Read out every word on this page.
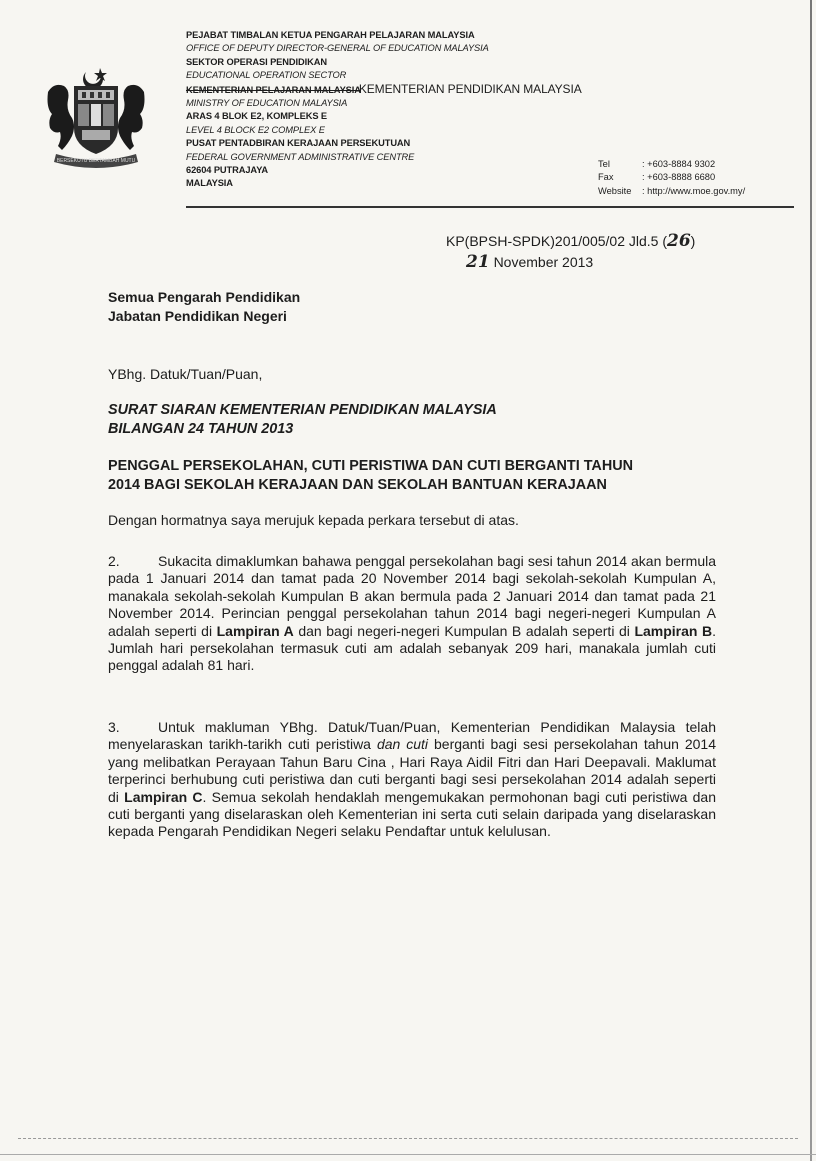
BERSEKUTU BERTAMBAH MUTU
PEJABAT TIMBALAN KETUA PENGARAH PELAJARAN MALAYSIA
OFFICE OF DEPUTY DIRECTOR-GENERAL OF EDUCATION MALAYSIA
SEKTOR OPERASI PENDIDIKAN
EDUCATIONAL OPERATION SECTOR
KEMENTERIAN PELAJARAN MALAYSIAKEMENTERIAN PENDIDIKAN MALAYSIA
MINISTRY OF EDUCATION MALAYSIA
ARAS 4 BLOK E2, KOMPLEKS E
LEVEL 4 BLOCK E2 COMPLEX E
PUSAT PENTADBIRAN KERAJAAN PERSEKUTUAN
FEDERAL GOVERNMENT ADMINISTRATIVE CENTRE
62604 PUTRAJAYA
MALAYSIA
Tel	: +603-8884 9302
Fax	: +603-8888 6680
Website	: http://www.moe.gov.my/
KP(BPSH-SPDK)201/005/02 Jld.5 (26)
21 November 2013
Semua Pengarah Pendidikan
Jabatan Pendidikan Negeri
YBhg. Datuk/Tuan/Puan,
SURAT SIARAN KEMENTERIAN PENDIDIKAN MALAYSIA
BILANGAN 24 TAHUN 2013
PENGGAL PERSEKOLAHAN, CUTI PERISTIWA DAN CUTI BERGANTI TAHUN
2014 BAGI SEKOLAH KERAJAAN DAN SEKOLAH BANTUAN KERAJAAN
Dengan hormatnya saya merujuk kepada perkara tersebut di atas.
2.	Sukacita dimaklumkan bahawa penggal persekolahan bagi sesi tahun 2014 akan bermula pada 1 Januari 2014 dan tamat pada 20 November 2014 bagi sekolah-sekolah Kumpulan A, manakala sekolah-sekolah Kumpulan B akan bermula pada 2 Januari 2014 dan tamat pada 21 November 2014. Perincian penggal persekolahan tahun 2014 bagi negeri-negeri Kumpulan A adalah seperti di Lampiran A dan bagi negeri-negeri Kumpulan B adalah seperti di Lampiran B. Jumlah hari persekolahan termasuk cuti am adalah sebanyak 209 hari, manakala jumlah cuti penggal adalah 81 hari.
3.	Untuk makluman YBhg. Datuk/Tuan/Puan, Kementerian Pendidikan Malaysia telah menyelaraskan tarikh-tarikh cuti peristiwa dan cuti berganti bagi sesi persekolahan tahun 2014 yang melibatkan Perayaan Tahun Baru Cina , Hari Raya Aidil Fitri dan Hari Deepavali. Maklumat terperinci berhubung cuti peristiwa dan cuti berganti bagi sesi persekolahan 2014 adalah seperti di Lampiran C. Semua sekolah hendaklah mengemukakan permohonan bagi cuti peristiwa dan cuti berganti yang diselaraskan oleh Kementerian ini serta cuti selain daripada yang diselaraskan kepada Pengarah Pendidikan Negeri selaku Pendaftar untuk kelulusan.
